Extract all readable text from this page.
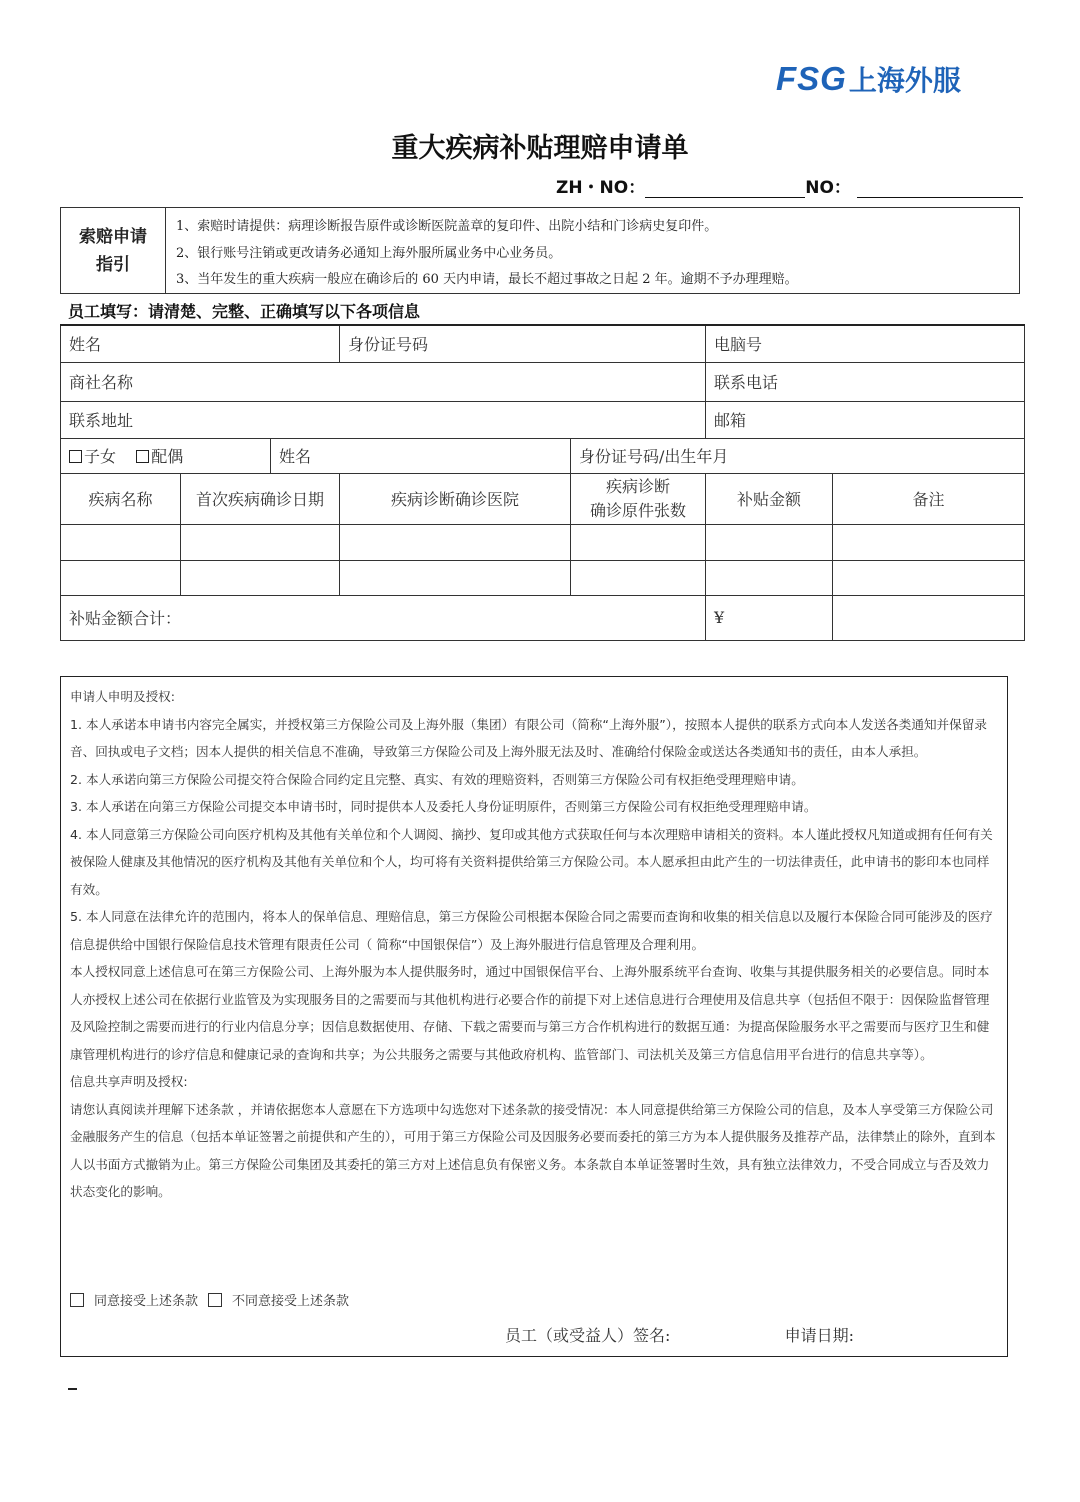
FSG 上海外服
重大疾病补贴理赔申请单
ZH・NO：	NO：
索赔申请
指引
1、索赔时请提供：病理诊断报告原件或诊断医院盖章的复印件、出院小结和门诊病史复印件。
2、银行账号注销或更改请务必通知上海外服所属业务中心业务员。
3、当年发生的重大疾病一般应在确诊后的 60 天内申请，最长不超过事故之日起 2 年。逾期不予办理理赔。
员工填写：请清楚、完整、正确填写以下各项信息
姓名			身份证号码		电脑号	
商社名称					联系电话	
联系地址					邮箱	
子女 配偶		姓名		身份证号码/出生年月		
疾病名称	首次疾病确诊日期		疾病诊断确诊医院	疾病诊断
确诊原件张数	补贴金额	备注

补贴金额合计：					¥	

申请人申明及授权:

1. 本人承诺本申请书内容完全属实，并授权第三方保险公司及上海外服（集团）有限公司（简称“上海外服”），按照本人提供的联系方式向本人发送各类通知并保留录音、回执或电子文档；因本人提供的相关信息不准确，导致第三方保险公司及上海外服无法及时、准确给付保险金或送达各类通知书的责任，由本人承担。

2. 本人承诺向第三方保险公司提交符合保险合同约定且完整、真实、有效的理赔资料，否则第三方保险公司有权拒绝受理理赔申请。

3. 本人承诺在向第三方保险公司提交本申请书时，同时提供本人及委托人身份证明原件，否则第三方保险公司有权拒绝受理理赔申请。

4. 本人同意第三方保险公司向医疗机构及其他有关单位和个人调阅、摘抄、复印或其他方式获取任何与本次理赔申请相关的资料。本人谨此授权凡知道或拥有任何有关被保险人健康及其他情况的医疗机构及其他有关单位和个人，均可将有关资料提供给第三方保险公司。本人愿承担由此产生的一切法律责任，此申请书的影印本也同样有效。

5. 本人同意在法律允许的范围内，将本人的保单信息、理赔信息，第三方保险公司根据本保险合同之需要而查询和收集的相关信息以及履行本保险合同可能涉及的医疗信息提供给中国银行保险信息技术管理有限责任公司（ 简称“中国银保信”）及上海外服进行信息管理及合理利用。

本人授权同意上述信息可在第三方保险公司、上海外服为本人提供服务时，通过中国银保信平台、上海外服系统平台查询、收集与其提供服务相关的必要信息。同时本人亦授权上述公司在依据行业监管及为实现服务目的之需要而与其他机构进行必要合作的前提下对上述信息进行合理使用及信息共享（包括但不限于：因保险监督管理及风险控制之需要而进行的行业内信息分享；因信息数据使用、存储、下载之需要而与第三方合作机构进行的数据互通：为提高保险服务水平之需要而与医疗卫生和健康管理机构进行的诊疗信息和健康记录的查询和共享；为公共服务之需要与其他政府机构、监管部门、司法机关及第三方信息信用平台进行的信息共享等）。

信息共享声明及授权:

请您认真阅读并理解下述条款 ，并请依据您本人意愿在下方选项中勾选您对下述条款的接受情况：本人同意提供给第三方保险公司的信息，及本人享受第三方保险公司金融服务产生的信息（包括本单证签署之前提供和产生的），可用于第三方保险公司及因服务必要而委托的第三方为本人提供服务及推荐产品，法律禁止的除外，直到本人以书面方式撤销为止。第三方保险公司集团及其委托的第三方对上述信息负有保密义务。本条款自本单证签署时生效，具有独立法律效力，不受合同成立与否及效力状态变化的影响。

同意接受上述条款	不同意接受上述条款
员工（或受益人）签名:	申请日期:
